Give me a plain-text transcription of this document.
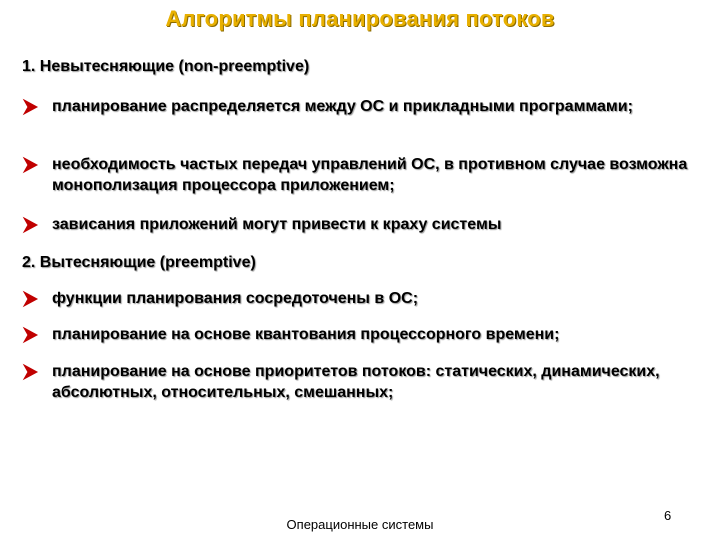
Алгоритмы планирования потоков
1. Невытесняющие (non-preemptive)
планирование распределяется между ОС и прикладными программами;
необходимость частых передач управлений ОС, в противном случае возможна монополизация процессора приложением;
зависания приложений могут привести к краху системы
2. Вытесняющие (preemptive)
функции планирования сосредоточены в ОС;
планирование на основе квантования процессорного времени;
планирование на основе приоритетов потоков: статических, динамических, абсолютных, относительных, смешанных;
Операционные системы
6
